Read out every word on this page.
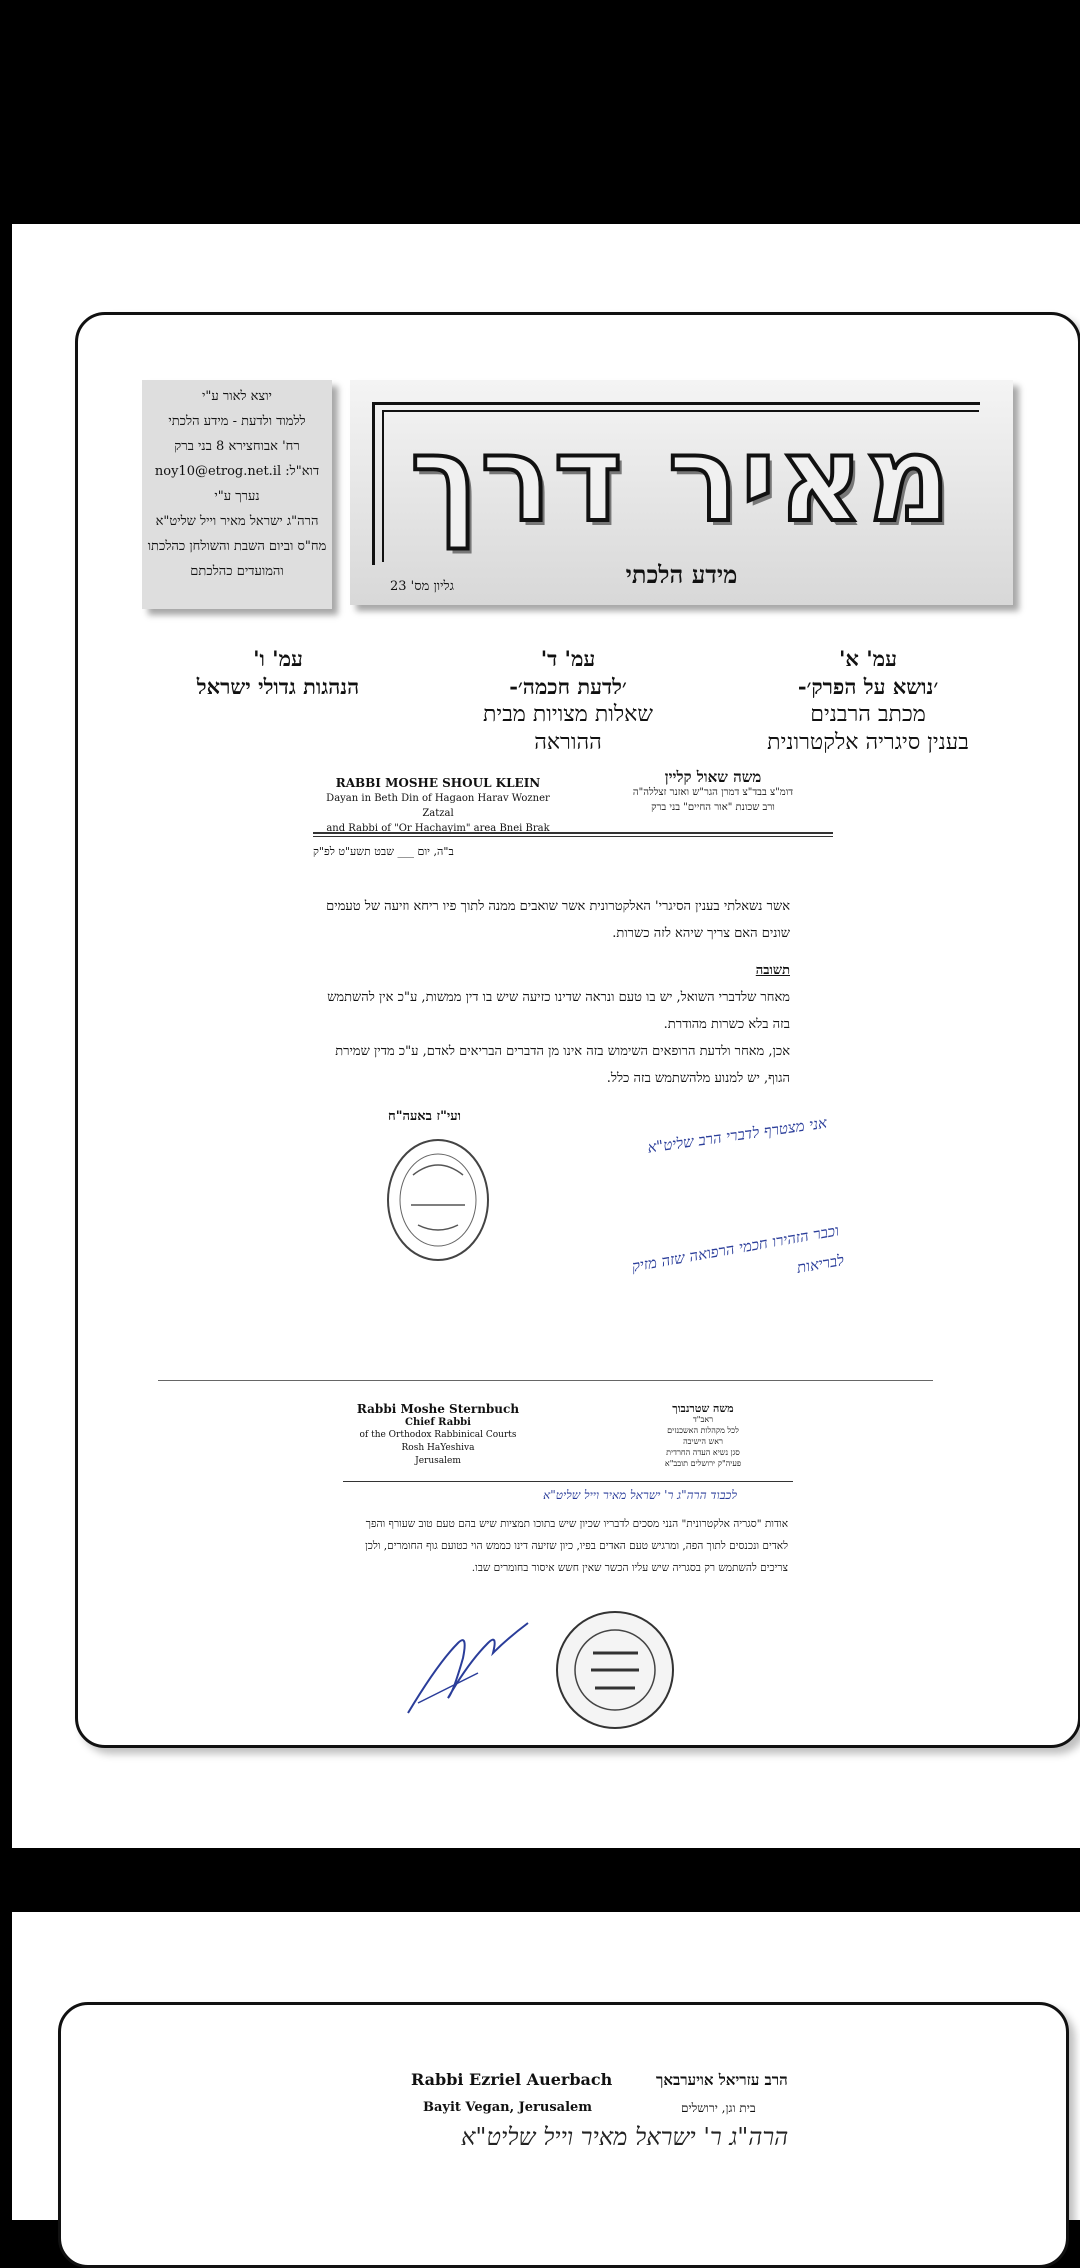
יוצא לאור ע"י
ללמוד ולדעת - מידע הלכתי
רח' אבוחצירא 8 בני ברק
דוא"ל: noy10@etrog.net.il
נערך ע"י
הרה"ג ישראל מאיר וייל שליט"א
מח"ס וביום השבת והשולחן כהלכתו
והמועדים כהלכתם
מאיר דרך
מידע הלכתי
גליון מס' 23
עמ' א'
׳נושא על הפרק׳-
מכתב הרבנים
בענין סיגריה אלקטרונית
עמ' ד'
׳לדעת חכמה׳-
שאלות מצויות מבית
ההוראה
עמ' ו'
הנהגות גדולי ישראל
משה שאול קליין
דומ"צ בבד"צ דמרן הגר"ש ואזנר זצללה"ה
ורב שכונת "אור החיים" בני ברק
RABBI MOSHE SHOUL KLEIN
Dayan in Beth Din of Hagaon Harav Wozner Zatzal
and Rabbi of "Or Hachayim" area Bnei Brak
ב"ה, יום ___ שבט תשע"ט לפ"ק

אשר נשאלתי בענין הסיגרי' האלקטרונית אשר שואבים ממנה לתוך פיו ריחא וזיעה של טעמים שונים האם צריך שיהא לזה כשרות.

תשובה

מאחר שלדברי השואל, יש בו טעם ונראה שדינו כזיעה שיש בו דין ממשות, ע"כ אין להשתמש בזה בלא כשרות מהודרת.

אכן, מאחר ולדעת הרופאים השימוש בזה אינו מן הדברים הבריאים לאדם, ע"כ מדין שמירת הגוף, יש למנוע מלהשתמש בזה כלל.

ועי"ז באעה"ח	אני מצטרף לדברי הרב שליט"א
וכבר הזהירו חכמי הרפואה שזה מזיק לבריאות
Rabbi Moshe Sternbuch
Chief Rabbi
of the Orthodox Rabbinical Courts
Rosh HaYeshiva
Jerusalem
משה שטרנבוך
ראב"ד
לכל מקהלות האשכנזים
ראש הישיבה
סגן נשיא העדה החרדית
פעיה"ק ירושלים תובב"א
לכבוד הרה"ג ר' ישראל מאיר וייל שליט"א
אודות "סגריה אלקטרונית" הנני מסכים לדבריו שכיון שיש בתוכו תמציות שיש בהם טעם טוב שעורף והפך לאדים ונכנסים לתוך הפה, ומרגיש טעם האדים בפיו, כיון שזיעה דינו כממש הוי כטועם גוף החומרים, ולכן צריכים להשתמש רק בסגריה שיש עליו הכשר שאין חשש איסור בחומרים שבו.
Rabbi Ezriel Auerbach
Bayit Vegan, Jerusalem
הרב עזריאל אויערבאך
בית וגן, ירושלים
הרה"ג ר' ישראל מאיר וייל שליט"א
